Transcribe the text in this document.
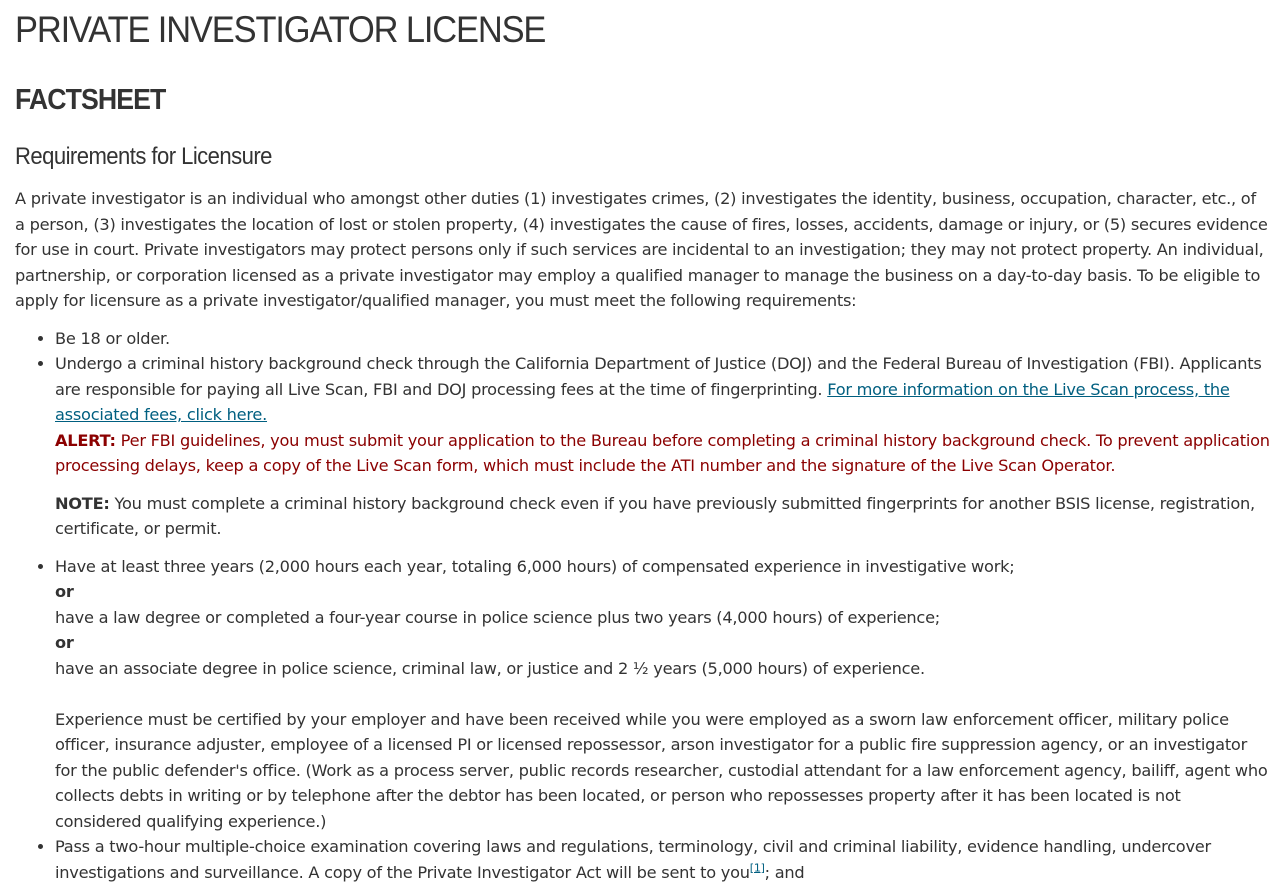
PRIVATE INVESTIGATOR LICENSE
FACTSHEET
Requirements for Licensure

A private investigator is an individual who amongst other duties (1) investigates crimes, (2) investigates the identity, business, occupation, character, etc., of a person, (3) investigates the location of lost or stolen property, (4) investigates the cause of fires, losses, accidents, damage or injury, or (5) secures evidence for use in court. Private investigators may protect persons only if such services are incidental to an investigation; they may not protect property. An individual, partnership, or corporation licensed as a private investigator may employ a qualified manager to manage the business on a day-to-day basis. To be eligible to apply for licensure as a private investigator/qualified manager, you must meet the following requirements:

• Be 18 or older.
• Undergo a criminal history background check through the California Department of Justice (DOJ) and the Federal Bureau of Investigation (FBI). Applicants are responsible for paying all Live Scan, FBI and DOJ processing fees at the time of fingerprinting. For more information on the Live Scan process, the associated fees, click here.

ALERT: Per FBI guidelines, you must submit your application to the Bureau before completing a criminal history background check. To prevent application processing delays, keep a copy of the Live Scan form, which must include the ATI number and the signature of the Live Scan Operator.

NOTE: You must complete a criminal history background check even if you have previously submitted fingerprints for another BSIS license, registration, certificate, or permit.

• Have at least three years (2,000 hours each year, totaling 6,000 hours) of compensated experience in investigative work;
or
have a law degree or completed a four-year course in police science plus two years (4,000 hours) of experience;
or
have an associate degree in police science, criminal law, or justice and 2 ½ years (5,000 hours) of experience.
Experience must be certified by your employer and have been received while you were employed as a sworn law enforcement officer, military police officer, insurance adjuster, employee of a licensed PI or licensed repossessor, arson investigator for a public fire suppression agency, or an investigator for the public defender's office. (Work as a process server, public records researcher, custodial attendant for a law enforcement agency, bailiff, agent who collects debts in writing or by telephone after the debtor has been located, or person who repossesses property after it has been located is not considered qualifying experience.)
• Pass a two-hour multiple-choice examination covering laws and regulations, terminology, civil and criminal liability, evidence handling, undercover investigations and surveillance. A copy of the Private Investigator Act will be sent to you[1]; and
